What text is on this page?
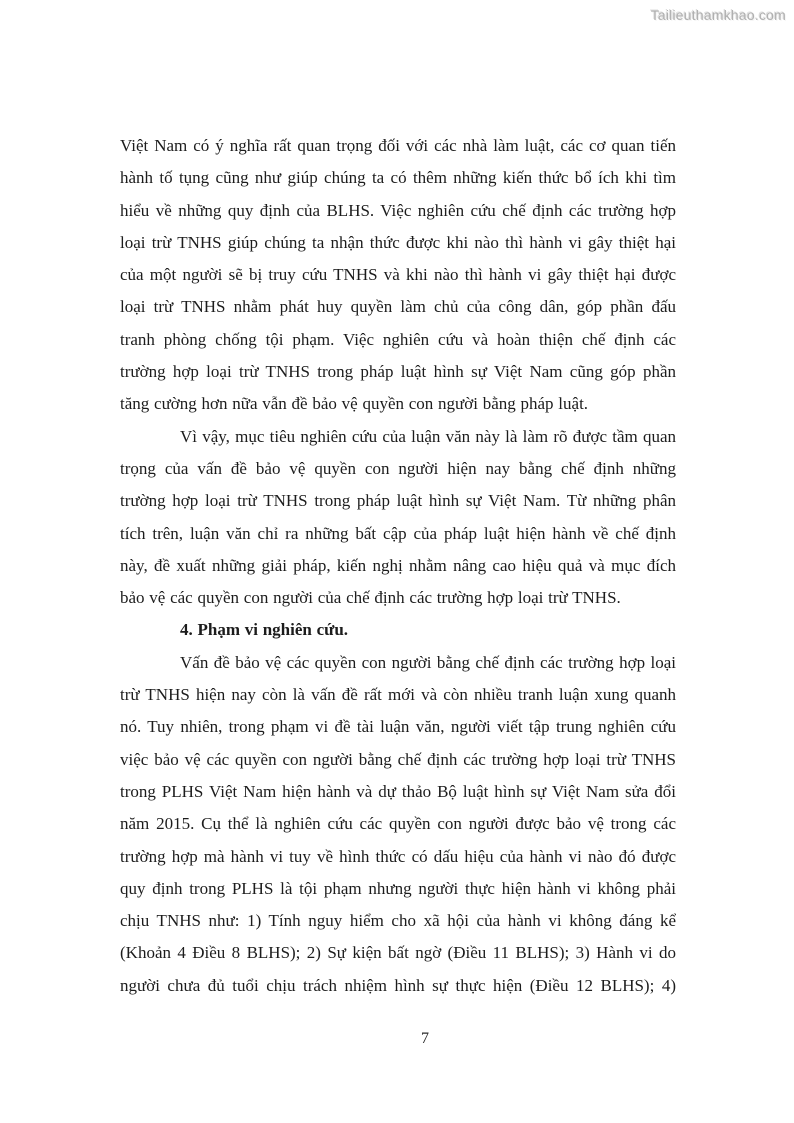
Tailieuthamkhao.com
Việt Nam có ý nghĩa rất quan trọng đối với các nhà làm luật, các cơ quan tiến
hành tố tụng cũng như giúp chúng ta có thêm những kiến thức bổ ích khi tìm
hiểu về những quy định của BLHS. Việc nghiên cứu chế định các trường hợp
loại trừ TNHS giúp chúng ta nhận thức được khi nào thì hành vi gây thiệt hại
của một người sẽ bị truy cứu TNHS và khi nào thì hành vi gây thiệt hại được
loại trừ TNHS nhằm phát huy quyền làm chủ của công dân, góp phần đấu
tranh phòng chống tội phạm. Việc nghiên cứu và hoàn thiện chế định các
trường hợp loại trừ TNHS trong pháp luật hình sự Việt Nam cũng góp phần
tăng cường hơn nữa vẫn đề bảo vệ quyền con người bằng pháp luật.
Vì vậy, mục tiêu nghiên cứu của luận văn này là làm rõ được tầm quan
trọng của vấn đề bảo vệ quyền con người hiện nay bằng chế định những
trường hợp loại trừ TNHS trong pháp luật hình sự Việt Nam. Từ những phân
tích trên, luận văn chỉ ra những bất cập của pháp luật hiện hành về chế định
này, đề xuất những giải pháp, kiến nghị nhằm nâng cao hiệu quả và mục đích
bảo vệ các quyền con người của chế định các trường hợp loại trừ TNHS.
4. Phạm vi nghiên cứu.
Vấn đề bảo vệ các quyền con người bằng chế định các trường hợp loại
trừ TNHS hiện nay còn là vấn đề rất mới và còn nhiều tranh luận xung quanh
nó. Tuy nhiên, trong phạm vi đề tài luận văn, người viết tập trung nghiên cứu
việc bảo vệ các quyền con người bằng chế định các trường hợp loại trừ TNHS
trong PLHS Việt Nam hiện hành và dự thảo Bộ luật hình sự Việt Nam sửa đổi
năm 2015. Cụ thể là nghiên cứu các quyền con người được bảo vệ trong các
trường hợp mà hành vi tuy về hình thức có dấu hiệu của hành vi nào đó được
quy định trong PLHS là tội phạm nhưng người thực hiện hành vi không phải
chịu TNHS như: 1) Tính nguy hiểm cho xã hội của hành vi không đáng kể
(Khoản 4 Điều 8 BLHS); 2) Sự kiện bất ngờ (Điều 11 BLHS); 3) Hành vi do
người chưa đủ tuổi chịu trách nhiệm hình sự thực hiện (Điều 12 BLHS); 4)
7
